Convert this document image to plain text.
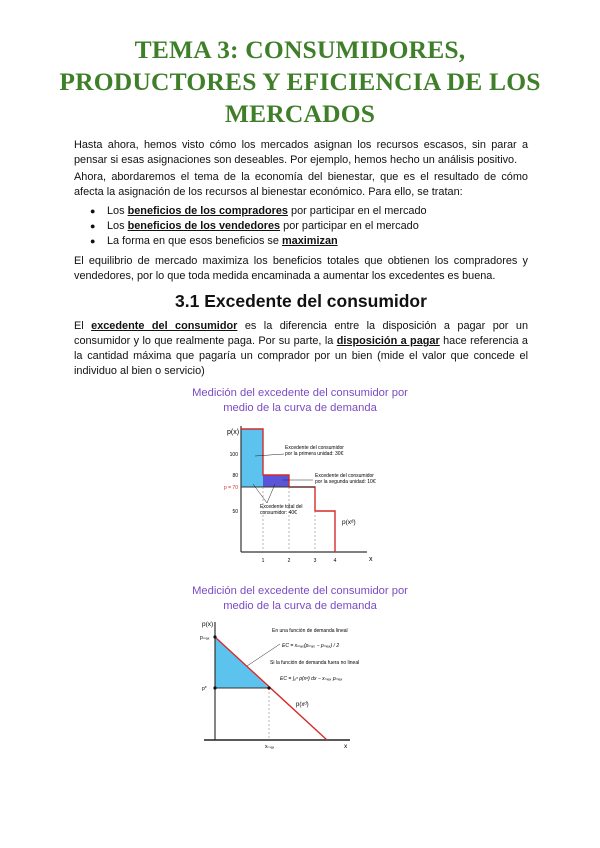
TEMA 3: CONSUMIDORES,
PRODUCTORES Y EFICIENCIA DE LOS
MERCADOS
Hasta ahora, hemos visto cómo los mercados asignan los recursos escasos, sin parar a pensar si esas asignaciones son deseables. Por ejemplo, hemos hecho un análisis positivo.
Ahora, abordaremos el tema de la economía del bienestar, que es el resultado de cómo afecta la asignación de los recursos al bienestar económico. Para ello, se tratan:
● Los beneficios de los compradores por participar en el mercado
● Los beneficios de los vendedores por participar en el mercado
● La forma en que esos beneficios se maximizan
El equilibrio de mercado maximiza los beneficios totales que obtienen los compradores y vendedores, por lo que toda medida encaminada a aumentar los excedentes es buena.
3.1 Excedente del consumidor
El excedente del consumidor es la diferencia entre la disposición a pagar por un consumidor y lo que realmente paga. Por su parte, la disposición a pagar hace referencia a la cantidad máxima que pagaría un comprador por un bien (mide el valor que concede el individuo al bien o servicio)
Medición del excedente del consumidor por
medio de la curva de demanda
p(x)
x
100
80
p = 70
50
1	2	3	4
p(xᵈ)
Excedente del consumidor
por la primera unidad: 30€
Excedente del consumidor
por la segunda unidad: 10€
Excedente total del
consumidor: 40€
Medición del excedente del consumidor por
medio de la curva de demanda
p(x)
x
pₘₐₓ
p*
xₘₐₓ
p(xᵈ)
En una función de demanda lineal
EC = xₘₐₓ(pₘₐₓ − pₘₐₓ) / 2
Si la función de demanda fuera no lineal
EC = ∫₀ˣ p(xᵈ) dx − xₘₐₓ pₘₐₓ
